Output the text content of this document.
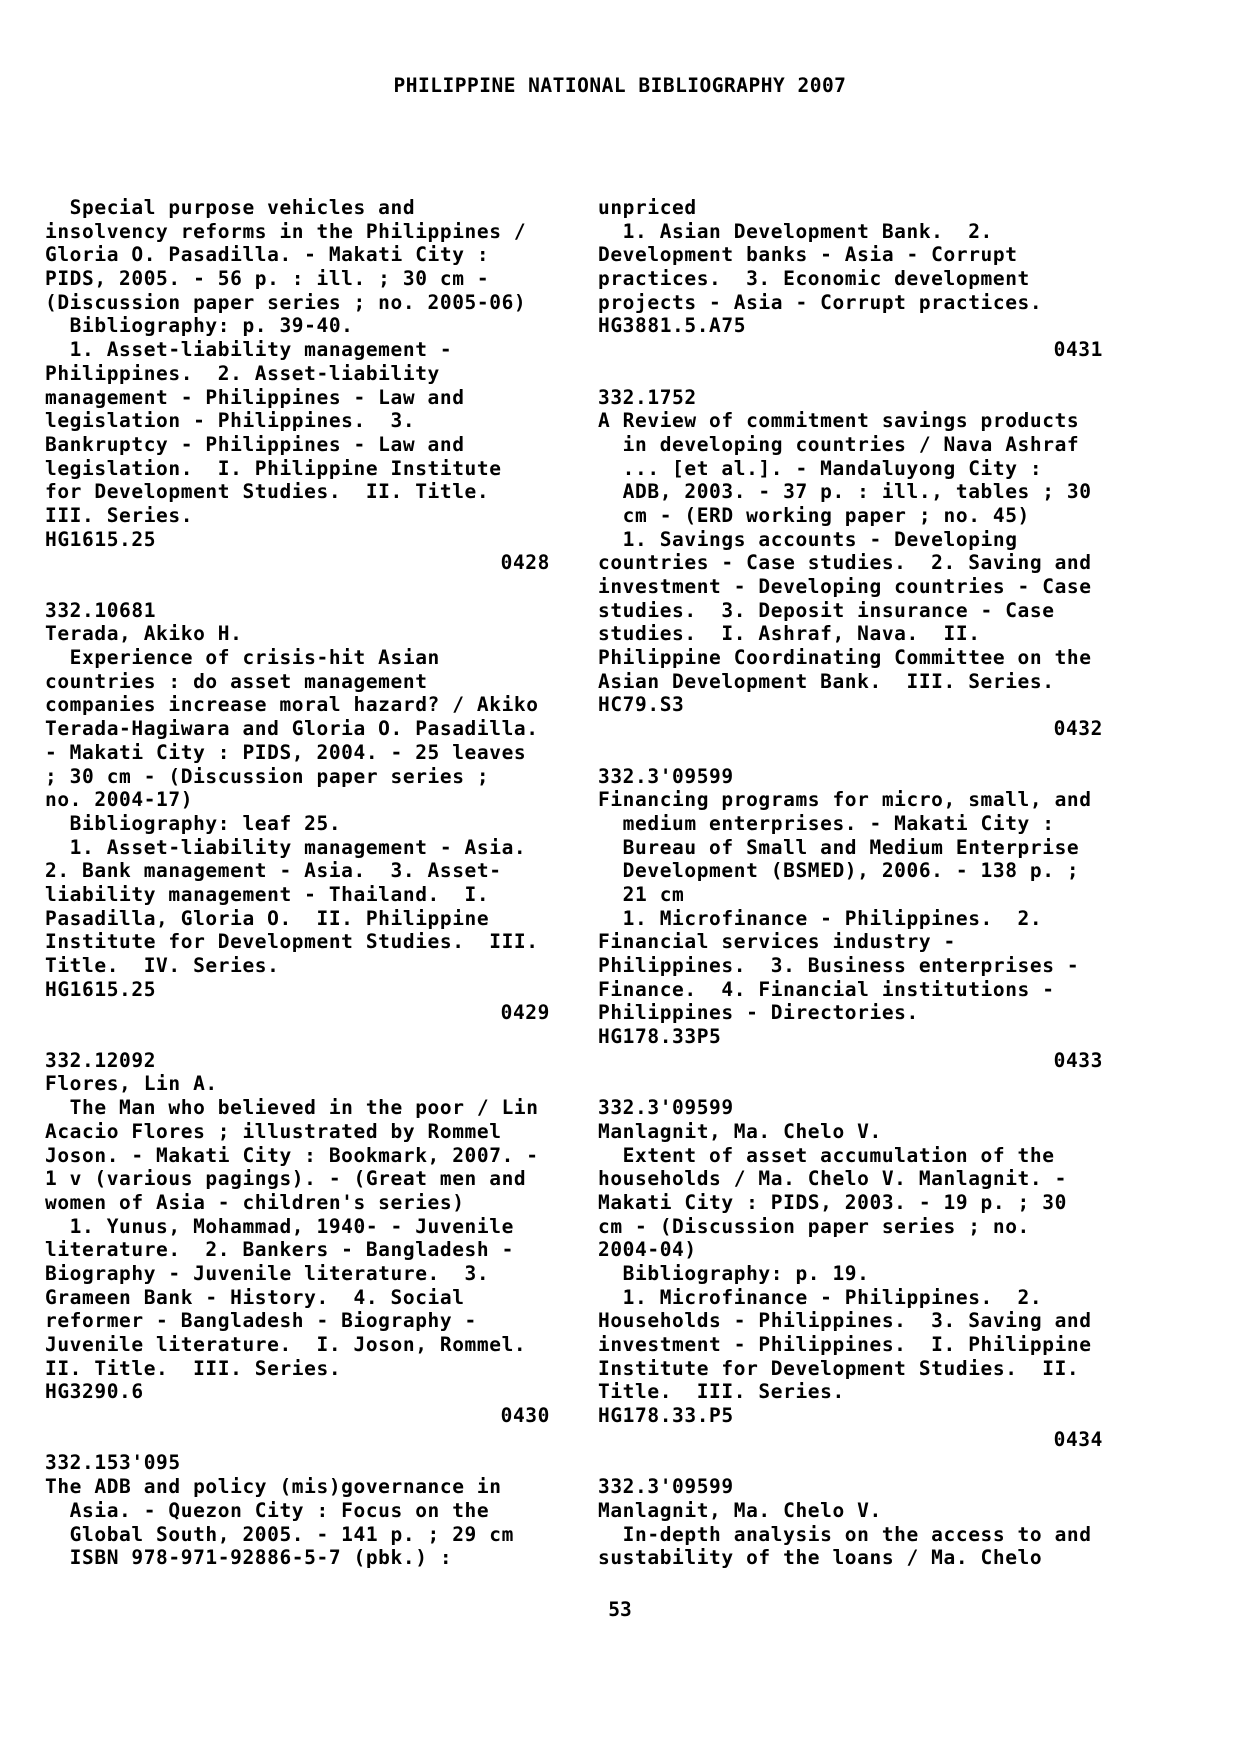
PHILIPPINE NATIONAL BIBLIOGRAPHY 2007
Special purpose vehicles and
insolvency reforms in the Philippines /
Gloria O. Pasadilla. - Makati City :
PIDS, 2005. - 56 p. : ill. ; 30 cm -
(Discussion paper series ; no. 2005-06)
Bibliography: p. 39-40.
1. Asset-liability management -
Philippines.  2. Asset-liability
management - Philippines - Law and
legislation - Philippines.  3.
Bankruptcy - Philippines - Law and
legislation.  I. Philippine Institute
for Development Studies.  II. Title.
III. Series.
HG1615.25
0428
332.10681
Terada, Akiko H.
Experience of crisis-hit Asian
countries : do asset management
companies increase moral hazard? / Akiko
Terada-Hagiwara and Gloria O. Pasadilla.
- Makati City : PIDS, 2004. - 25 leaves
; 30 cm - (Discussion paper series ;
no. 2004-17)
Bibliography: leaf 25.
1. Asset-liability management - Asia.
2. Bank management - Asia.  3. Asset-
liability management - Thailand.  I.
Pasadilla, Gloria O.  II. Philippine
Institute for Development Studies.  III.
Title.  IV. Series.
HG1615.25
0429
332.12092
Flores, Lin A.
The Man who believed in the poor / Lin
Acacio Flores ; illustrated by Rommel
Joson. - Makati City : Bookmark, 2007. -
1 v (various pagings). - (Great men and
women of Asia - children's series)
1. Yunus, Mohammad, 1940- - Juvenile
literature.  2. Bankers - Bangladesh -
Biography - Juvenile literature.  3.
Grameen Bank - History.  4. Social
reformer - Bangladesh - Biography -
Juvenile literature.  I. Joson, Rommel.
II. Title.  III. Series.
HG3290.6
0430
332.153'095
The ADB and policy (mis)governance in
Asia. - Quezon City : Focus on the
Global South, 2005. - 141 p. ; 29 cm
ISBN 978-971-92886-5-7 (pbk.) :
unpriced
1. Asian Development Bank.  2.
Development banks - Asia - Corrupt
practices.  3. Economic development
projects - Asia - Corrupt practices.
HG3881.5.A75
0431
332.1752
A Review of commitment savings products
in developing countries / Nava Ashraf
... [et al.]. - Mandaluyong City :
ADB, 2003. - 37 p. : ill., tables ; 30
cm - (ERD working paper ; no. 45)
1. Savings accounts - Developing
countries - Case studies.  2. Saving and
investment - Developing countries - Case
studies.  3. Deposit insurance - Case
studies.  I. Ashraf, Nava.  II.
Philippine Coordinating Committee on the
Asian Development Bank.  III. Series.
HC79.S3
0432
332.3'09599
Financing programs for micro, small, and
medium enterprises. - Makati City :
Bureau of Small and Medium Enterprise
Development (BSMED), 2006. - 138 p. ;
21 cm
1. Microfinance - Philippines.  2.
Financial services industry -
Philippines.  3. Business enterprises -
Finance.  4. Financial institutions -
Philippines - Directories.
HG178.33P5
0433
332.3'09599
Manlagnit, Ma. Chelo V.
Extent of asset accumulation of the
households / Ma. Chelo V. Manlagnit. -
Makati City : PIDS, 2003. - 19 p. ; 30
cm - (Discussion paper series ; no.
2004-04)
Bibliography: p. 19.
1. Microfinance - Philippines.  2.
Households - Philippines.  3. Saving and
investment - Philippines.  I. Philippine
Institute for Development Studies.  II.
Title.  III. Series.
HG178.33.P5
0434
332.3'09599
Manlagnit, Ma. Chelo V.
In-depth analysis on the access to and
sustability of the loans / Ma. Chelo
53
